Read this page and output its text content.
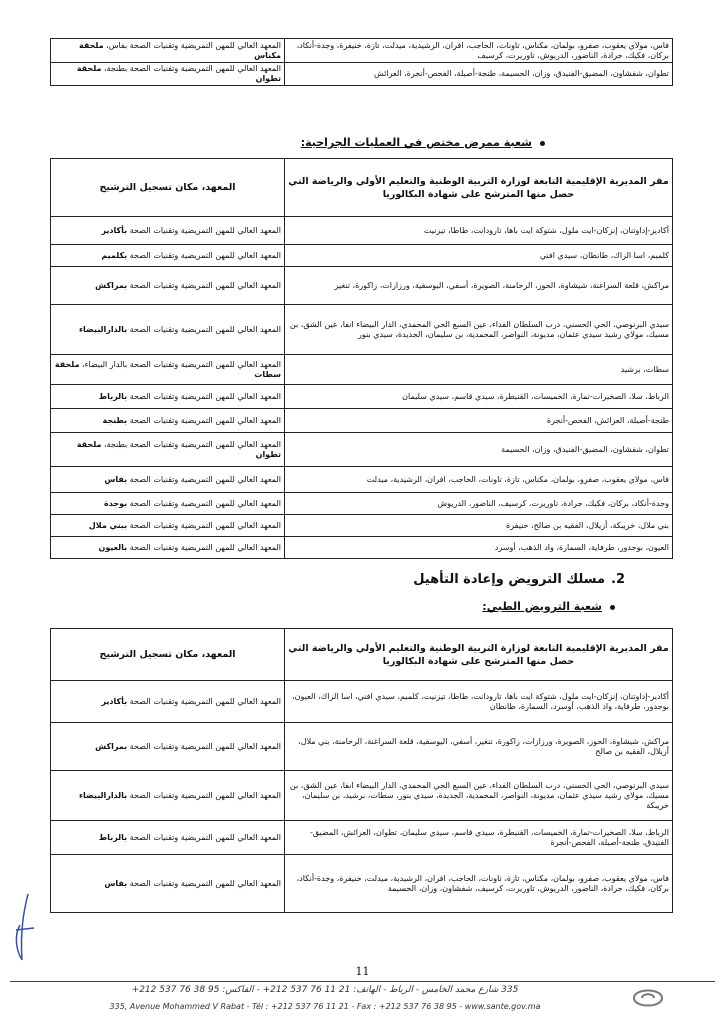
فاس، مولاي يعقوب، صفرو، بولمان، مكناس، تاونات، الحاجب، افران، الرشيدية، ميدلت، تازة، خنيفرة، وجدة-أنكاد، بركان، فكيك، جرادة، الناضور، الدريوش، تاوريرت، كرسيف	المعهد العالي للمهن التمريضية وتقنيات الصحة بفاس، ملحقة مكناس
تطوان، شفشاون، المضيق-الفنيدق، وزان، الحسيمة، طنجة-أصيلة، الفحص-أنجرة، العرائش	المعهد العالي للمهن التمريضية وتقنيات الصحة بطنجة، ملحقة تطوان
شعبة ممرض مختص في العمليات الجراحية:
مقر المديرية الإقليمية التابعة لوزارة التربية الوطنية والتعليم الأولي والرياضة التي حصل منها المترشح على شهادة البكالوريا	المعهد، مكان تسجيل الترشيح
أكادير-إداوتنان، إنزكان-ايت ملول، شتوكة ايت باها، تارودانت، طاطا، تيزنيت	المعهد العالي للمهن التمريضية وتقنيات الصحة بأكادير
كلميم، اسا الزاك، طانطان، سيدي افني	المعهد العالي للمهن التمريضية وتقنيات الصحة بكلميم
مراكش، قلعة السراغنة، شيشاوة، الحوز، الرحامنة، الصويرة، أسفي، اليوسفية، ورزازات، زاكورة، تنغير	المعهد العالي للمهن التمريضية وتقنيات الصحة بمراكش
سيدي البرنوصي، الحي الحسني، درب السلطان الفداء، عين السبع الحي المحمدي، الدار البيضاء انفا، عين الشق، بن مسيك، مولاي رشيد سيدي عثمان، مديونة، النواصر، المحمدية، بن سليمان، الجديدة، سيدي بنور	المعهد العالي للمهن التمريضية وتقنيات الصحة بالدارالبيضاء
سطات، برشيد	المعهد العالي للمهن التمريضية وتقنيات الصحة بالدار البيضاء، ملحقة سطات
الرباط، سلا، الصخيرات-تمارة، الخميسات، القنيطرة، سيدي قاسم، سيدي سليمان	المعهد العالي للمهن التمريضية وتقنيات الصحة بالرباط
طنجة-أصيلة، العرائش، الفحص-أنجرة	المعهد العالي للمهن التمريضية وتقنيات الصحة بطنجة
تطوان، شفشاون، المضيق-الفنيدق، وزان، الحسيمة	المعهد العالي للمهن التمريضية وتقنيات الصحة بطنجة، ملحقة تطوان
فاس، مولاي يعقوب، صفرو، بولمان، مكناس، تازة، تاونات، الحاجب، افران، الرشيدية، ميدلت	المعهد العالي للمهن التمريضية وتقنيات الصحة بفاس
وجدة-أنكاد، بركان، فكيك، جرادة، تاوريرت، كرسيف، الناضور، الدريوش	المعهد العالي للمهن التمريضية وتقنيات الصحة بوجدة
بني ملال، خريبكة، أزيلال، الفقيه بن صالح، خنيفرة	المعهد العالي للمهن التمريضية وتقنيات الصحة ببني ملال
العيون، بوجدور، طرفاية، السمارة، واد الذهب، أوسرد	المعهد العالي للمهن التمريضية وتقنيات الصحة بالعيون
2.مسلك الترويض وإعادة التأهيل
شعبة الترويض الطبي:
مقر المديرية الإقليمية التابعة لوزارة التربية الوطنية والتعليم الأولي والرياضة التي حصل منها المترشح على شهادة البكالوريا	المعهد، مكان تسجيل الترشيح
أكادير-إداوتنان، إنزكان-ايت ملول، شتوكة ايت باها، تارودانت، طاطا، تيزنيت، كلميم، سيدي افني، اسا الزاك، العيون، بوجدور، طرفاية، واد الذهب، أوسرد، السمارة، طانطان	المعهد العالي للمهن التمريضية وتقنيات الصحة بأكادير
مراكش، شيشاوة، الحوز، الصويرة، ورزازات، زاكورة، تنغير، أسفي، اليوسفية، قلعة السراغنة، الرحامنة، بني ملال، أزيلال، الفقيه بن صالح	المعهد العالي للمهن التمريضية وتقنيات الصحة بمراكش
سيدي البرنوصي، الحي الحسني، درب السلطان الفداء، عين السبع الحي المحمدي، الدار البيضاء انفا، عين الشق، بن مسيك، مولاي رشيد سيدي عثمان، مديونة، النواصر، المحمدية، الجديدة، سيدي بنور، سطات، برشيد، بن سليمان، خريبكة	المعهد العالي للمهن التمريضية وتقنيات الصحة بالدارالبيضاء
الرباط، سلا، الصخيرات-تمارة، الخميسات، القنيطرة، سيدي قاسم، سيدي سليمان، تطوان، العرائش، المضيق-الفنيدق، طنجة-أصيلة، الفحص-أنجرة	المعهد العالي للمهن التمريضية وتقنيات الصحة بالرباط
فاس، مولاي يعقوب، صفرو، بولمان، مكناس، تازة، تاونات، الحاجب، افران، الرشيدية، ميدلت، خنيفرة، وجدة-أنكاد، بركان، فكيك، جرادة، الناضور، الدريوش، تاوريرت، كرسيف، شفشاون، وزان، الحسيمة	المعهد العالي للمهن التمريضية وتقنيات الصحة بفاس
11
335 شارع محمد الخامس - الرباط - الهاتف: 21 11 76 537 212+ - الفاكس: 95 38 76 537 212+
335, Avenue Mohammed V Rabat - Tél : +212 537 76 11 21 - Fax : +212 537 76 38 95 - www.sante.gov.ma
